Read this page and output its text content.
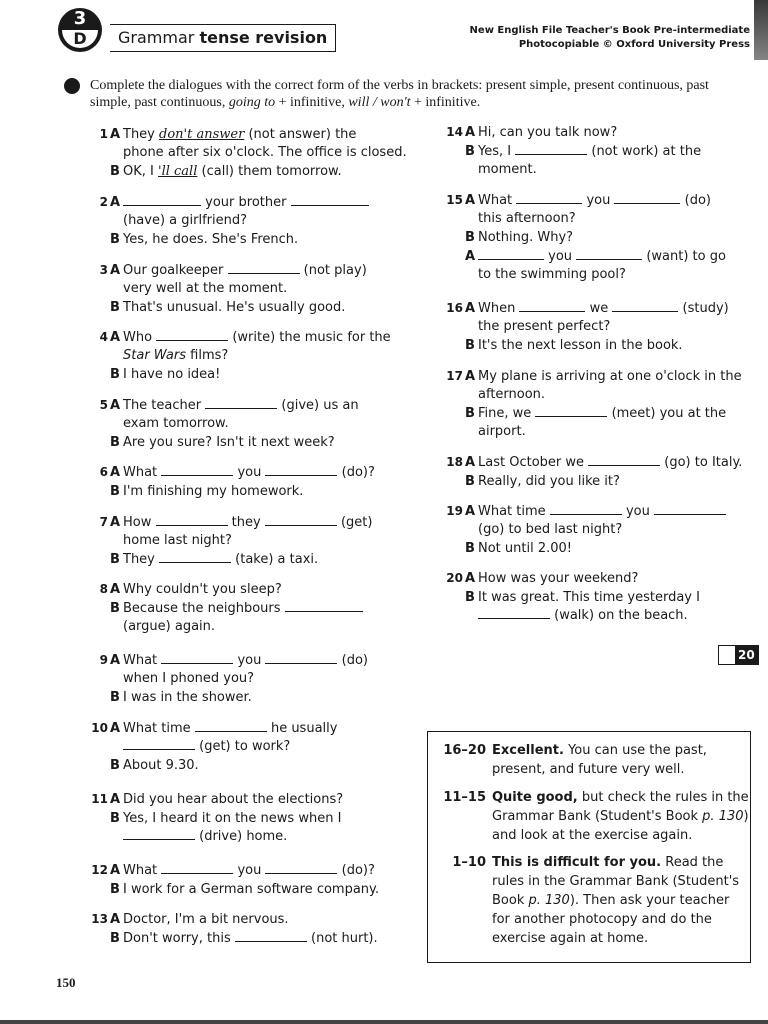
3
D	Grammar tense revision	New English File Teacher's Book Pre-intermediate
Photocopiable © Oxford University Press
Complete the dialogues with the correct form of the verbs in brackets: present simple, present continuous, past simple, past continuous, going to + infinitive, will / won't + infinitive.
1 A They don't answer (not answer) the
phone after six o'clock. The office is closed.
B OK, I 'll call (call) them tomorrow.
2 A	your brother
(have) a girlfriend?
B Yes, he does. She's French.
3 A Our goalkeeper	(not play)
very well at the moment.
B That's unusual. He's usually good.
4 A Who	(write) the music for the
Star Wars films?
B I have no idea!
5 A The teacher	(give) us an
exam tomorrow.
B Are you sure? Isn't it next week?
6 A What	you	(do)?
B I'm finishing my homework.
7 A How	they	(get)
home last night?
B They	(take) a taxi.
8 A Why couldn't you sleep?
B Because the neighbours
(argue) again.
9 A What	you	(do)
when I phoned you?
B I was in the shower.
10 A What time	he usually
(get) to work?
B About 9.30.
11 A Did you hear about the elections?
B Yes, I heard it on the news when I
(drive) home.
12 A What	you	(do)?
B I work for a German software company.
13 A Doctor, I'm a bit nervous.
B Don't worry, this	(not hurt).
14 A Hi, can you talk now?
B Yes, I	(not work) at the
moment.
15 A What	you	(do)
this afternoon?
B Nothing. Why?
A	you	(want) to go
to the swimming pool?
16 A When	we	(study)
the present perfect?
B It's the next lesson in the book.
17 A My plane is arriving at one o'clock in the
afternoon.
B Fine, we	(meet) you at the
airport.
18 A Last October we	(go) to Italy.
B Really, did you like it?
19 A What time	you
(go) to bed last night?
B Not until 2.00!
20 A How was your weekend?
B It was great. This time yesterday I
(walk) on the beach.
20
16–20 Excellent. You can use the past, present, and future very well.
11–15 Quite good, but check the rules in the Grammar Bank (Student's Book p. 130) and look at the exercise again.
1–10 This is difficult for you. Read the rules in the Grammar Bank (Student's Book p. 130). Then ask your teacher for another photocopy and do the exercise again at home.
150
